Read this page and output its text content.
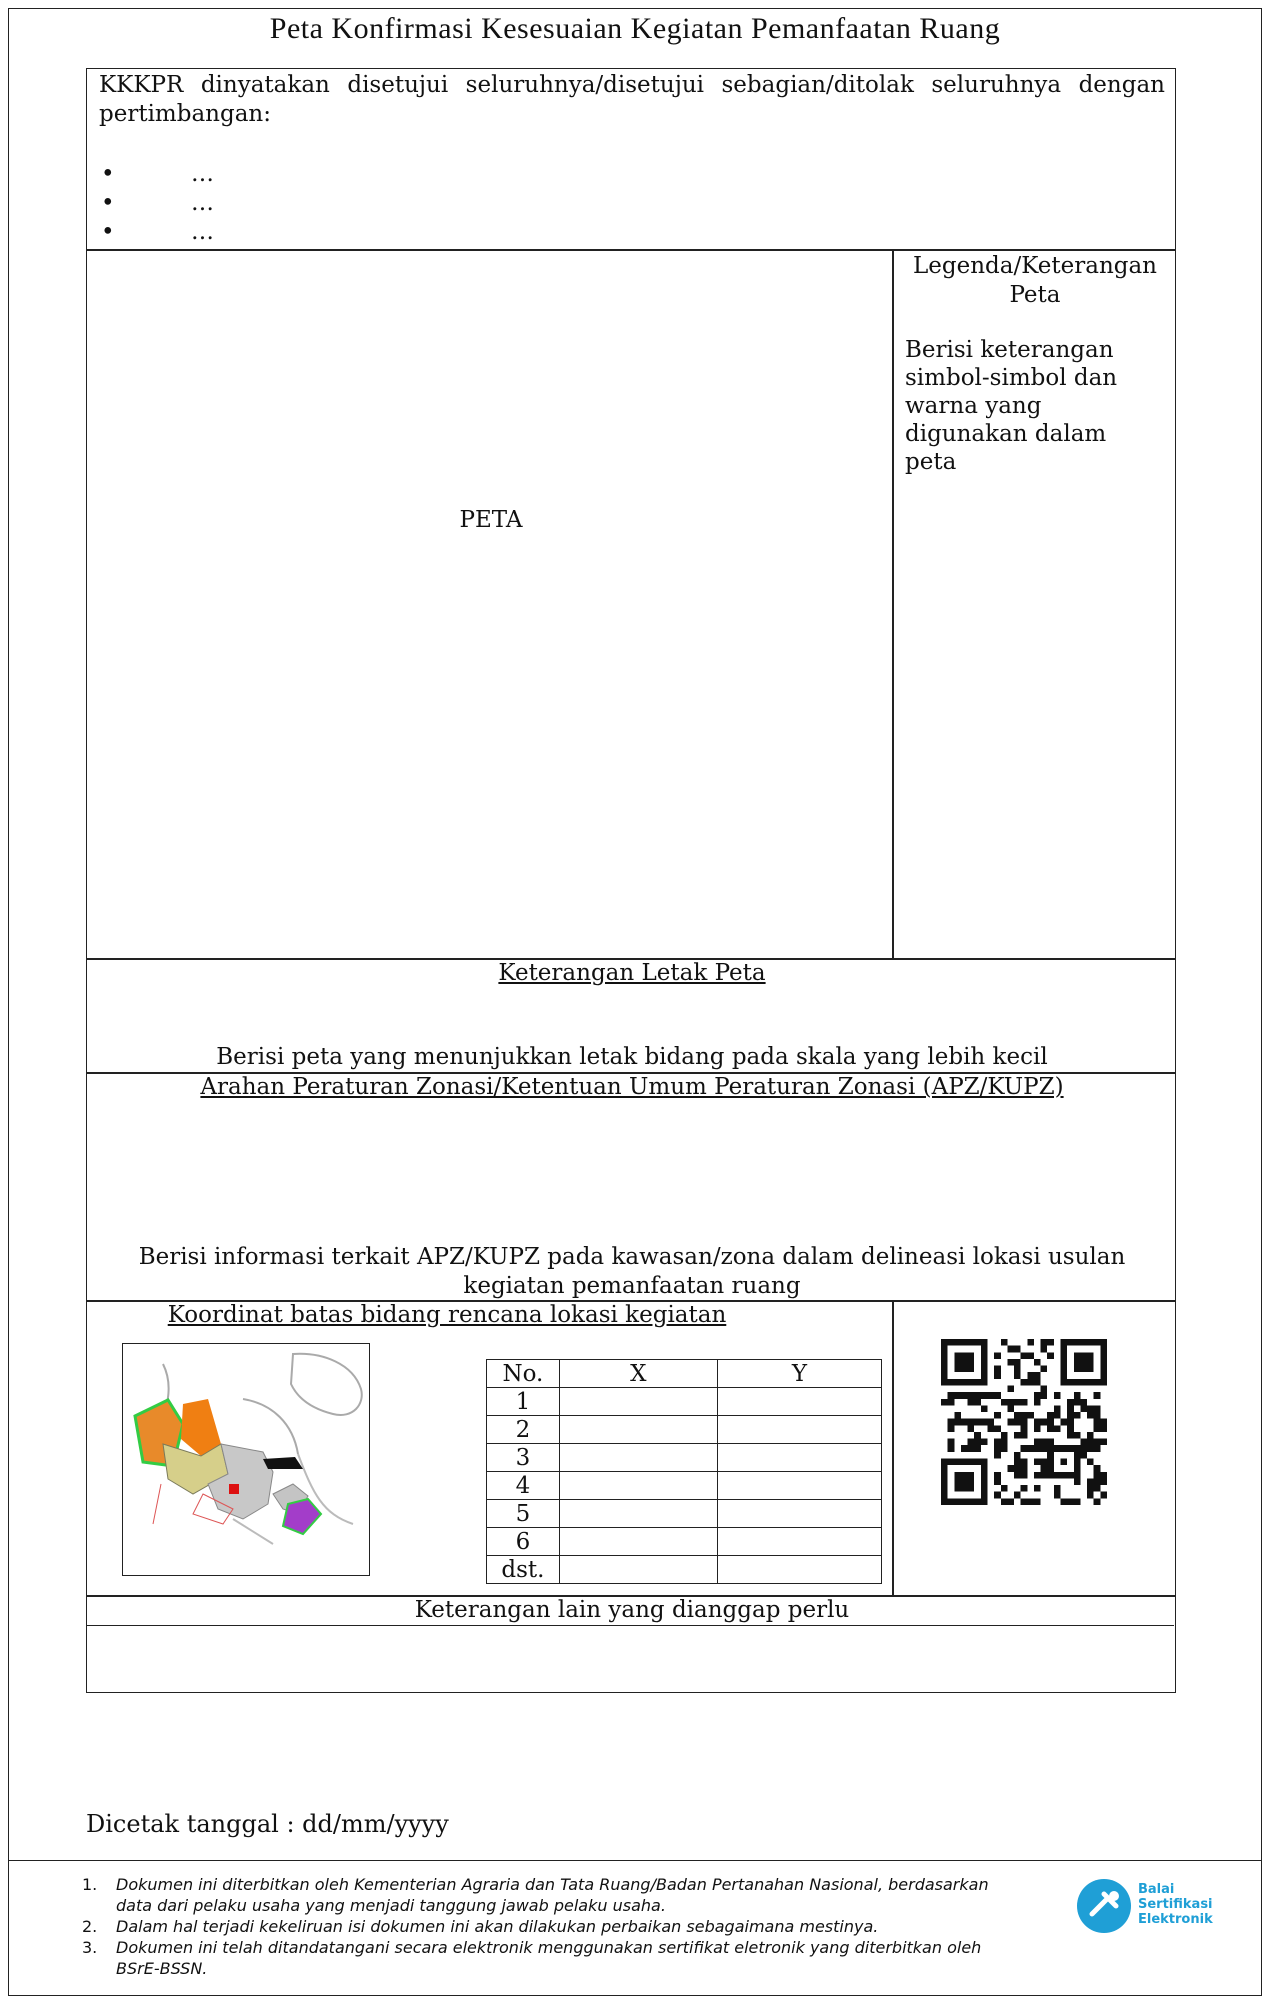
Peta Konfirmasi Kesesuaian Kegiatan Pemanfaatan Ruang
KKKPR dinyatakan disetujui seluruhnya/disetujui sebagian/ditolak seluruhnya dengan pertimbangan:
•	…
•	…
•	…
PETA
Legenda/Keterangan Peta
Berisi keterangan simbol-simbol dan warna yang digunakan dalam peta
Keterangan Letak Peta
Berisi peta yang menunjukkan letak bidang pada skala yang lebih kecil
Arahan Peraturan Zonasi/Ketentuan Umum Peraturan Zonasi (APZ/KUPZ)
Berisi informasi terkait APZ/KUPZ pada kawasan/zona dalam delineasi lokasi usulan kegiatan pemanfaatan ruang
Koordinat batas bidang rencana lokasi kegiatan
No.	X	Y
1		
2		
3		
4		
5		
6		
dst.		
Keterangan lain yang dianggap perlu
Dicetak tanggal : dd/mm/yyyy
1. Dokumen ini diterbitkan oleh Kementerian Agraria dan Tata Ruang/Badan Pertanahan Nasional, berdasarkan data dari pelaku usaha yang menjadi tanggung jawab pelaku usaha.
2. Dalam hal terjadi kekeliruan isi dokumen ini akan dilakukan perbaikan sebagaimana mestinya.
3. Dokumen ini telah ditandatangani secara elektronik menggunakan sertifikat eletronik yang diterbitkan oleh BSrE-BSSN.
Balai
Sertifikasi
Elektronik
